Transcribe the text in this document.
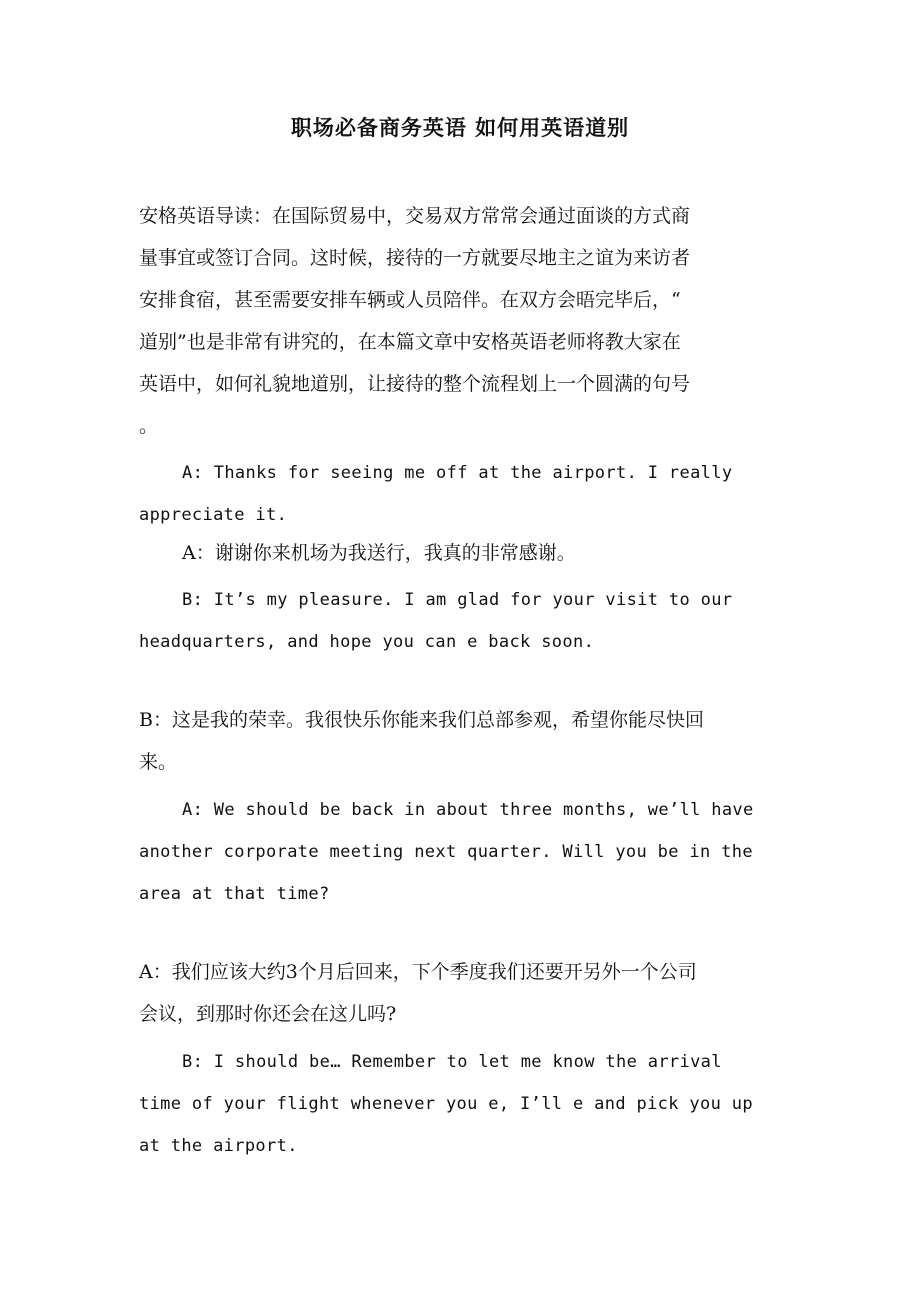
职场必备商务英语 如何用英语道别
安格英语导读：在国际贸易中，交易双方常常会通过面谈的方式商
量事宜或签订合同。这时候，接待的一方就要尽地主之谊为来访者
安排食宿，甚至需要安排车辆或人员陪伴。在双方会晤完毕后，“
道别”也是非常有讲究的，在本篇文章中安格英语老师将教大家在
英语中，如何礼貌地道别，让接待的整个流程划上一个圆满的句号
。
A: Thanks for seeing me off at the airport. I really
appreciate it.
A：谢谢你来机场为我送行，我真的非常感谢。
B: It’s my pleasure. I am glad for your visit to our
headquarters, and hope you can e back soon.
B：这是我的荣幸。我很快乐你能来我们总部参观，希望你能尽快回
来。
A: We should be back in about three months, we’ll have
another corporate meeting next quarter. Will you be in the
area at that time?
A：我们应该大约3个月后回来，下个季度我们还要开另外一个公司
会议，到那时你还会在这儿吗?
B: I should be… Remember to let me know the arrival
time of your flight whenever you e, I’ll e and pick you up
at the airport.
